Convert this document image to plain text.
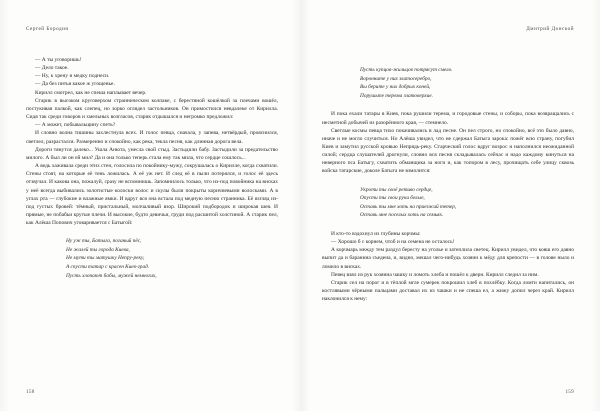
Сергей Бородин

— А ты уговоришь!

— Дело такое.

— Ну, к хрену и медку поднеси.

— Да без питья какое ж угощенье.

Кирилл смотрел, как не спеша наплывает вечер.

Старик в высоком круговерхом странническом колпаке, с берестяной кошёлкой за плечами вошёл, постукивая палкой, как слепец, но зорко оглядел застольников. Он примостился невдалеке от Кирилла. Сидя так среди говоров и хмельных возгласов, старик отдышался и негромко предложил:

— А может, побывальщину спеть?

И словно волна тишины захлестнула всех. И голос певца, сначала, у запева, нетвёрдый, прояснился, светлел, разрастался. Размеренно и спокойно, как река, текла песня, как длинная дорога вела.

Дороги тянутся далеко... Ушла Анюта, унесла свой стыд. Застыдили бабу. Застыдили за предательство милого. А был ли он ей мил? Да и она только теперь стала ему так мила, что сердце сошлось...

А ведь хаживала среди этих стен, голосила по покойнику-мужу, сокрушалась о Кирилле, когда схватили. Стены стоят, на которые её тень ложилась. А её уж нет. И след её в пыли потерялся, и голос её здесь отзвучал. И какова она, пожалуй, сразу не вспомнишь. Запомнилось только, что из-под повойника на висках у неё всегда выбивались золотистые колоски волос и скулы были покрыты коричневыми волосками. А в углах рта — глубокие и влажные ямки. И вдруг вся она встала под медную песню странника. Её взгляд из-под густых бровей: тёмный, пристальный, молчаливый взор. Широкий подбородок и широкая шея. И прямые, не побабьи крутые плечи. И высокие, будто девичьи, груди под расшитой холстиной. А старик пел, как Алёша Попович уговаривается с Батыгой:

Ну уж ты, Батыга, поганый пёс,

Не жалей ты города Киева,

Не мути ты матушку Непру-реку,

А спусти татар с красен Киев-град.

Пусть хлопают бабы, мужей немногих,

158
Дмитрий Донской

Пусть купцов-жильцов потрясут смело.

Воронните у них златосеребро,

Вы берите у них добрых коней,

Порушьте терема златоверхие.

И пока ехали татары в Киев, пока рушили терема, и городовые стены, и соборы, пока возвращались с несметной добычей из разорённого края, — стемнело.

Светлые космы певца тихо покачивались в лад песне. Он пел строго, но спокойно, всё это было давно, иначе и не могло случиться. Но Алёша увидел, что не сдержал Батыга зарока: пожёг всю страну, погубил Киев и замутил русской кровью Непрядь-реку. Старческий голос вдруг возрос и наполнился неожиданной силой; сердца слушателей дрогнули, словно вся песня складывалась сейчас и надо каждому кинуться на неверного пса Батыгу, схватить обманщика за ноги и, как топором в лесу, прочищать себе улицу сквозь войска татарские, доколе Батыга не взмолится:

Укроти ты своё ретиво сердце,

Опусти ты свои руки белые,

Оставь ты мне хоть на приезжий тетер,

Оставь мне поселых хоть на семьях.

И кто-то вздохнул из глубины корчмы:

— Хорошо б с корнем, чтоб и на семена не осталось!

А корчмарь между тем раздул бересту на уголье и затеплила светец. Кирилл увидел, что ковш его давно выпит да и баранина съедена, и, видно, мешал чего-нибудь хозяин к мёду для крепости — в голове ныло и ломило в висках.

Певец взял из рук хозяина чашку и ломоть хлеба и пошёл к двери. Кирилл следил за ним.

Старик сел на порог и в тёплой мгле сумерек покрошил хлеб в похлёбку. Когда ломти напитались, он костлявыми чёрными пальцами доставал их из чашки и не спеша ел, а жижу допил через край. Кирилл наклонился к нему:

159
